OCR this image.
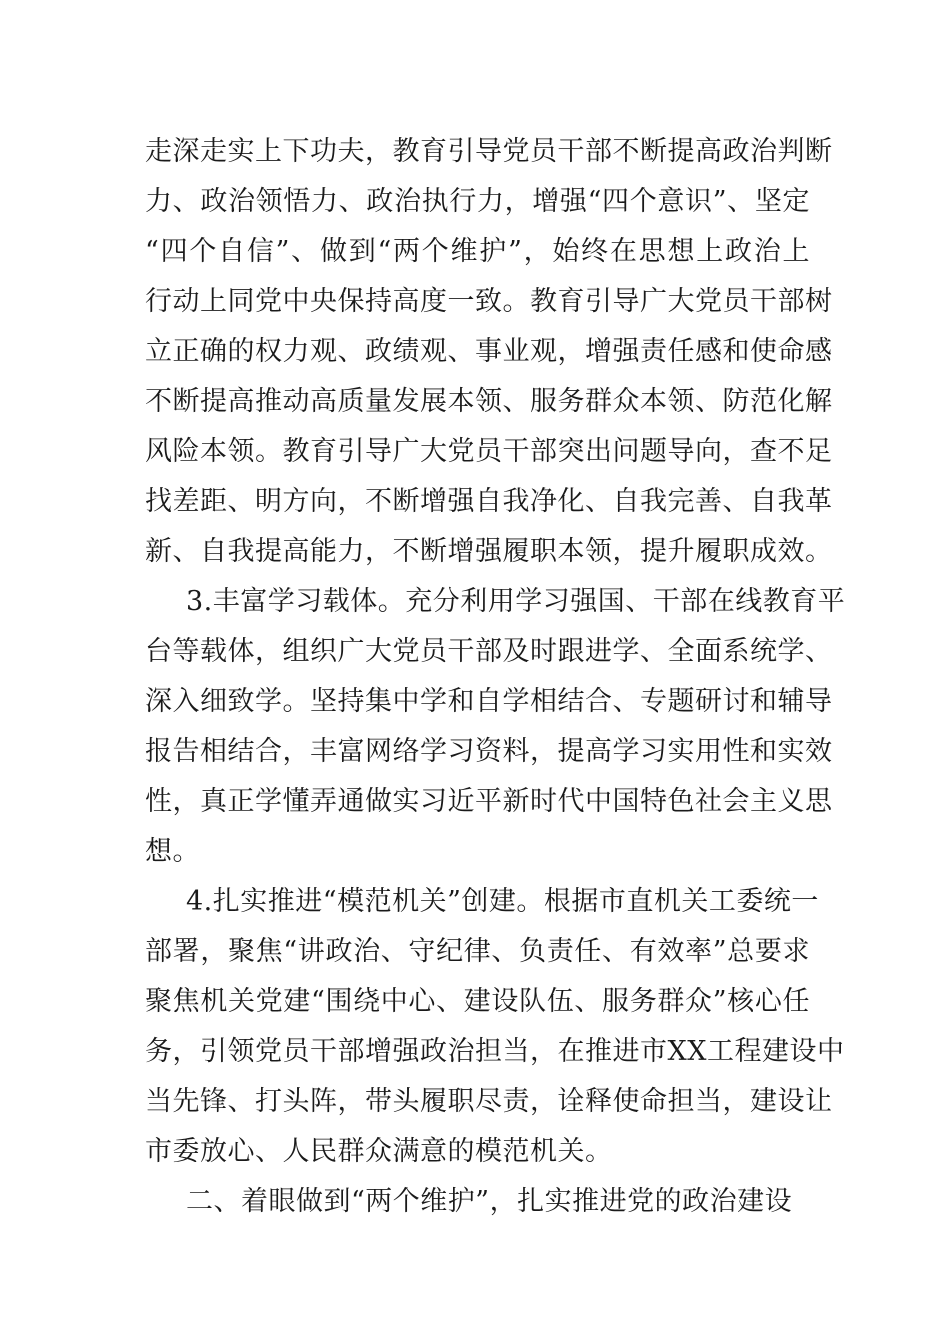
走深走实上下功夫，教育引导党员干部不断提高政治判断
力、政治领悟力、政治执行力，增强“四个意识”、坚定
“四个自信”、做到“两个维护”，始终在思想上政治上
行动上同党中央保持高度一致。教育引导广大党员干部树
立正确的权力观、政绩观、事业观，增强责任感和使命感
不断提高推动高质量发展本领、服务群众本领、防范化解
风险本领。教育引导广大党员干部突出问题导向，查不足
找差距、明方向，不断增强自我净化、自我完善、自我革
新、自我提高能力，不断增强履职本领，提升履职成效。
3.丰富学习载体。充分利用学习强国、干部在线教育平
台等载体，组织广大党员干部及时跟进学、全面系统学、
深入细致学。坚持集中学和自学相结合、专题研讨和辅导
报告相结合，丰富网络学习资料，提高学习实用性和实效
性，真正学懂弄通做实习近平新时代中国特色社会主义思
想。
4.扎实推进“模范机关”创建。根据市直机关工委统一
部署，聚焦“讲政治、守纪律、负责任、有效率”总要求
聚焦机关党建“围绕中心、建设队伍、服务群众”核心任
务，引领党员干部增强政治担当，在推进市XX工程建设中
当先锋、打头阵，带头履职尽责，诠释使命担当，建设让
市委放心、人民群众满意的模范机关。
二、着眼做到“两个维护”，扎实推进党的政治建设
